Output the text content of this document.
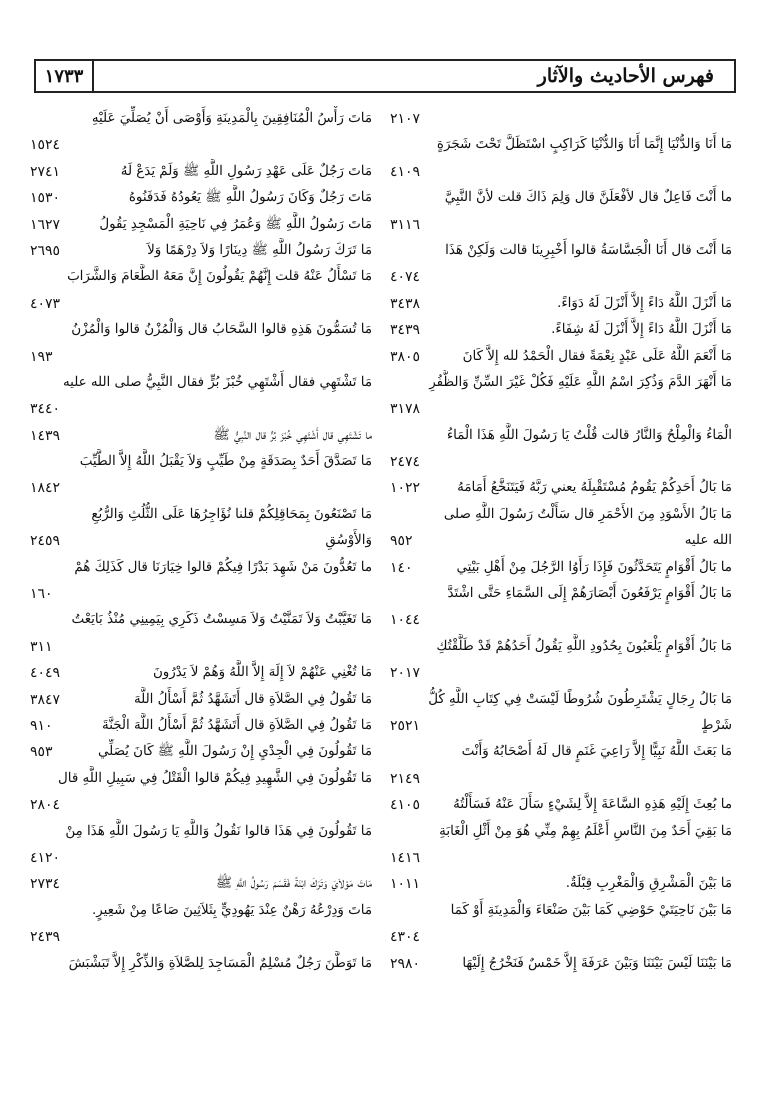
١٧٣٣	فهرس الأحاديث والآثار
٢١٠٧
مَا أَنَا وَالدُّنْيَا إِنَّمَا أَنَا وَالدُّنْيَا كَرَاكِبٍ اسْتَظَلَّ تَحْتَ شَجَرَةٍ
٤١٠٩
ما أَنْتَ فَاعِلٌ قال لأفْعَلَنَّ قال وَلِمَ ذَاكَ قلت لأنَّ النَّبِيَّ
٣١١٦
مَا أَنْتَ قال أَنَا الْجَسَّاسَةُ قالوا أَخْبِرِينَا قالت وَلَكِنْ هَذَا
٤٠٧٤
مَا أَنْزَلَ اللَّهُ دَاءً إِلاَّ أَنْزَلَ لَهُ دَوَاءً.
٣٤٣٨
مَا أَنْزَلَ اللَّهُ دَاءً إِلاَّ أَنْزَلَ لَهُ شِفَاءً.
٣٤٣٩
مَا أَنْعَمَ اللَّهُ عَلَى عَبْدٍ نِعْمَةً فقال الْحَمْدُ لله إِلاَّ كَانَ
٣٨٠٥
مَا أَنْهَرَ الدَّمَ وَذُكِرَ اسْمُ اللَّهِ عَلَيْهِ فَكُلْ غَيْرَ السِّنِّ وَالظُّفُرِ
٣١٧٨
الْمَاءُ وَالْمِلْحُ وَالنَّارُ قالت قُلْتُ يَا رَسُولَ اللَّهِ هَذَا الْمَاءُ
٢٤٧٤
مَا بَالُ أَحَدِكُمْ يَقُومُ مُسْتَقْبِلَهُ يعني رَبَّهُ فَيَتَنَخَّعُ أَمَامَهُ
١٠٢٢
مَا بَالُ الأَسْوَدِ مِنَ الأَحْمَرِ قال سَأَلْتُ رَسُولَ اللَّهِ صلى
الله عليه
٩٥٢
ما بَالُ أَقْوَامٍ يَتَحَدَّثُونَ فَإِذَا رَأَوُا الرَّجُلَ مِنْ أَهْلِ بَيْتِي
١٤٠
مَا بَالُ أَقْوَامٍ يَرْفَعُونَ أَبْصَارَهُمْ إِلَى السَّمَاءِ حَتَّى اشْتَدَّ
١٠٤٤
مَا بَالُ أَقْوَامٍ يَلْعَبُونَ بِحُدُودِ اللَّهِ يَقُولُ أَحَدُهُمْ قَدْ طَلَّقْتُكِ
٢٠١٧
مَا بَالُ رِجَالٍ يَشْتَرِطُونَ شُرُوطًا لَيْسَتْ فِي كِتَابِ اللَّهِ كُلُّ
شَرْطٍ
٢٥٢١
مَا بَعَثَ اللَّهُ نَبِيًّا إِلاَّ رَاعِيَ غَنَمٍ قال لَهُ أَصْحَابُهُ وَأَنْتَ
٢١٤٩
ما بُعِثَ إِلَيْهِ هَذِهِ السَّاعَةَ إِلاَّ لِشَيْءٍ سَأَلَ عَنْهُ فَسَأَلْتُهُ
٤١٠٥
مَا بَقِيَ أَحَدٌ مِنَ النَّاسِ أَعْلَمُ بِهِمْ مِنِّي هُوَ مِنْ أَثْلِ الْغَابَةِ
١٤١٦
مَا بَيْنَ الْمَشْرِقِ وَالْمَغْرِبِ قِبْلَةٌ.
١٠١١
مَا بَيْنَ نَاحِيَتَيْ حَوْضِي كَمَا بَيْنَ صَنْعَاءَ وَالْمَدِينَةِ أَوْ كَمَا
٤٣٠٤
مَا بَيْنَنَا لَيْسَ بَيْنَنَا وَبَيْنَ عَرَفَةَ إِلاَّ خَمْسٌ فَنَخْرُجُ إِلَيْهَا
٢٩٨٠
مَاتَ رَأْسُ الْمُنَافِقِينَ بِالْمَدِينَةِ وَأَوْصَى أَنْ يُصَلِّيَ عَلَيْهِ
١٥٢٤
مَاتَ رَجُلٌ عَلَى عَهْدِ رَسُولِ اللَّهِ ﷺ وَلَمْ يَدَعْ لَهُ
٢٧٤١
مَاتَ رَجُلٌ وَكَانَ رَسُولُ اللَّهِ ﷺ يَعُودُهُ فَدَفَنُوهُ
١٥٣٠
مَاتَ رَسُولُ اللَّهِ ﷺ وَعُمَرُ فِي نَاحِيَةِ الْمَسْجِدِ يَقُولُ
١٦٢٧
مَا تَرَكَ رَسُولُ اللَّهِ ﷺ دِينَارًا وَلاَ دِرْهَمًا وَلاَ
٢٦٩٥
مَا تَسْأَلُ عَنْهُ قلت إِنَّهُمْ يَقُولُونَ إِنَّ مَعَهُ الطَّعَامَ وَالشَّرَابَ
٤٠٧٣
مَا تُسَمُّونَ هَذِهِ قالوا السَّحَابُ قال وَالْمُزْنُ قالوا وَالْمُزْنُ
١٩٣
مَا تَشْتَهِي فقال أَشْتَهِي خُبْزَ بُرٍّ فقال النَّبِيُّ صلى الله عليه
٣٤٤٠
ما تَشْتَهِي قال أَشْتَهِي خُبْزَ بُرٍّ قال النَّبِيُّ ﷺ
١٤٣٩
مَا تَصَدَّقَ أَحَدٌ بِصَدَقَةٍ مِنْ طَيِّبٍ وَلاَ يَقْبَلُ اللَّهُ إِلاَّ الطَّيِّبَ
١٨٤٢
مَا تَصْنَعُونَ بِمَحَاقِلِكُمْ قلنا نُؤَاجِرُهَا عَلَى الثُّلُثِ وَالرُّبُعِ
وَالأَوْسُقِ
٢٤٥٩
ما تَعُدُّونَ مَنْ شَهِدَ بَدْرًا فِيكُمْ قالوا خِيَارَنَا قال كَذَلِكَ هُمْ
١٦٠
مَا تَغَيَّبْتُ وَلاَ تَمَنَّيْتُ وَلاَ مَسِسْتُ ذَكَرِي بِيَمِينِي مُنْذُ بَايَعْتُ
٣١١
مَا تُغْنِي عَنْهُمْ لاَ إِلَهَ إِلاَّ اللَّهُ وَهُمْ لاَ يَدْرُونَ
٤٠٤٩
مَا تَقُولُ فِي الصَّلاَةِ قال أَتَشَهَّدُ ثُمَّ أَسْأَلُ اللَّهَ
٣٨٤٧
مَا تَقُولُ فِي الصَّلاَةِ قال أَتَشَهَّدُ ثُمَّ أَسْأَلُ اللَّهَ الْجَنَّةَ
٩١٠
مَا تَقُولُونَ فِي الْجِدْيِ إِنْ رَسُولَ اللَّهِ ﷺ كَانَ يُصَلِّي
٩٥٣
مَا تَقُولُونَ فِي الشَّهِيدِ فِيكُمْ قالوا الْقَتْلُ فِي سَبِيلِ اللَّهِ قال
٢٨٠٤
مَا تَقُولُونَ فِي هَذَا قالوا نَقُولُ وَاللَّهِ يَا رَسُولَ اللَّهِ هَذَا مِنْ
٤١٢٠
مَاتَ مَوْلاَيَ وَتَرَكَ ابْنَةً فَقَسَمَ رَسُولُ اللَّهِ ﷺ
٢٧٣٤
مَاتَ وَدِرْعُهُ رَهْنٌ عِنْدَ يَهُودِيٍّ بِثَلاَثِينَ صَاعًا مِنْ شَعِيرٍ.
٢٤٣٩
مَا تَوَطَّنَ رَجُلٌ مُسْلِمٌ الْمَسَاجِدَ لِلصَّلاَةِ وَالذِّكْرِ إِلاَّ تَبَشْبَشَ
